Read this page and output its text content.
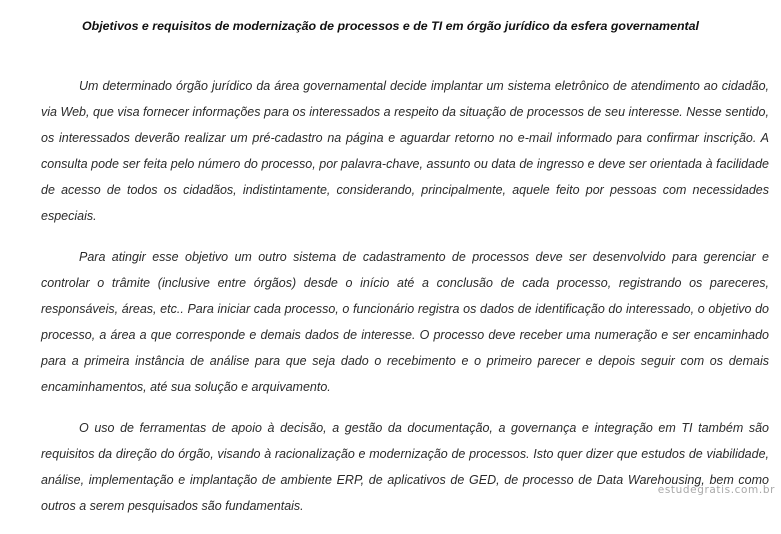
Objetivos e requisitos de modernização de processos e de TI em órgão jurídico da esfera governamental

Um determinado órgão jurídico da área governamental decide implantar um sistema eletrônico de atendimento ao cidadão, via Web, que visa fornecer informações para os interessados a respeito da situação de processos de seu interesse. Nesse sentido, os interessados deverão realizar um pré-cadastro na página e aguardar retorno no e-mail informado para confirmar inscrição. A consulta pode ser feita pelo número do processo, por palavra-chave, assunto ou data de ingresso e deve ser orientada à facilidade de acesso de todos os cidadãos, indistintamente, considerando, principalmente, aquele feito por pessoas com necessidades especiais.

Para atingir esse objetivo um outro sistema de cadastramento de processos deve ser desenvolvido para gerenciar e controlar o trâmite (inclusive entre órgãos) desde o início até a conclusão de cada processo, registrando os pareceres, responsáveis, áreas, etc.. Para iniciar cada processo, o funcionário registra os dados de identificação do interessado, o objetivo do processo, a área a que corresponde e demais dados de interesse. O processo deve receber uma numeração e ser encaminhado para a primeira instância de análise para que seja dado o recebimento e o primeiro parecer e depois seguir com os demais encaminhamentos, até sua solução e arquivamento.

O uso de ferramentas de apoio à decisão, a gestão da documentação, a governança e integração em TI também são requisitos da direção do órgão, visando à racionalização e modernização de processos. Isto quer dizer que estudos de viabilidade, análise, implementação e implantação de ambiente ERP, de aplicativos de GED, de processo de Data Warehousing, bem como outros a serem pesquisados são fundamentais.

estudegratis.com.br
